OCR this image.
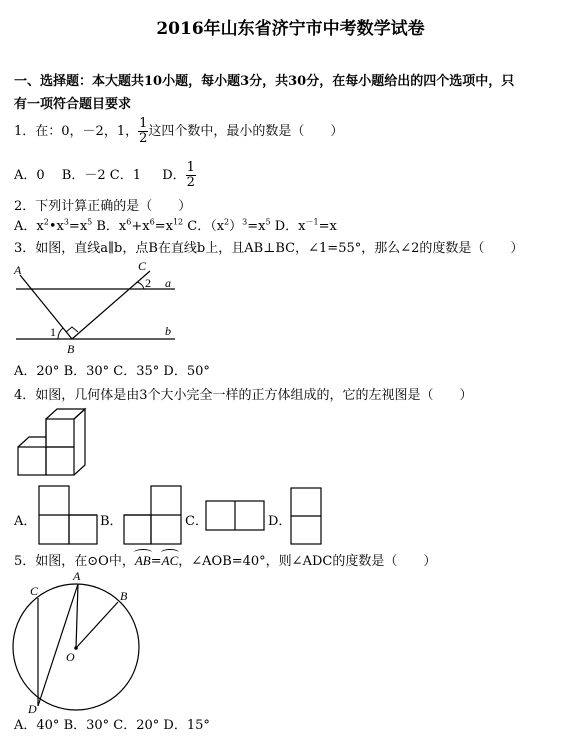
2016年山东省济宁市中考数学试卷
一、选择题：本大题共10小题，每小题3分，共30分，在每小题给出的四个选项中，只
有一项符合题目要求
1．在：0，－2，1， $\frac{1}{2}$ 这四个数中，最小的数是（　　）
A．0　 B．－2 C．1 　 D． $\frac{1}{2}$
2．下列计算正确的是（　　）
A．$x^2•x^3=x^5$ B．$x^6+x^6=x^{12}$ C．$(x^2)^3=x^5$ D．$x^{-1}=x$
3．如图，直线a∥b，点B在直线b上，且AB⊥BC，∠1=55°，那么∠2的度数是（　　）
A	C
2 a
1	b
B
A．20° B．30° C．35° D．50°
4．如图，几何体是由3个大小完全一样的正方体组成的，它的左视图是（　　）
A．	B．	C．	D．
5．如图，在⊙O中，
AB=
AC，∠AOB=40°，则∠ADC的度数是（　　）
A
B
C
O
D
A．40° B．30° C．20° D．15°
